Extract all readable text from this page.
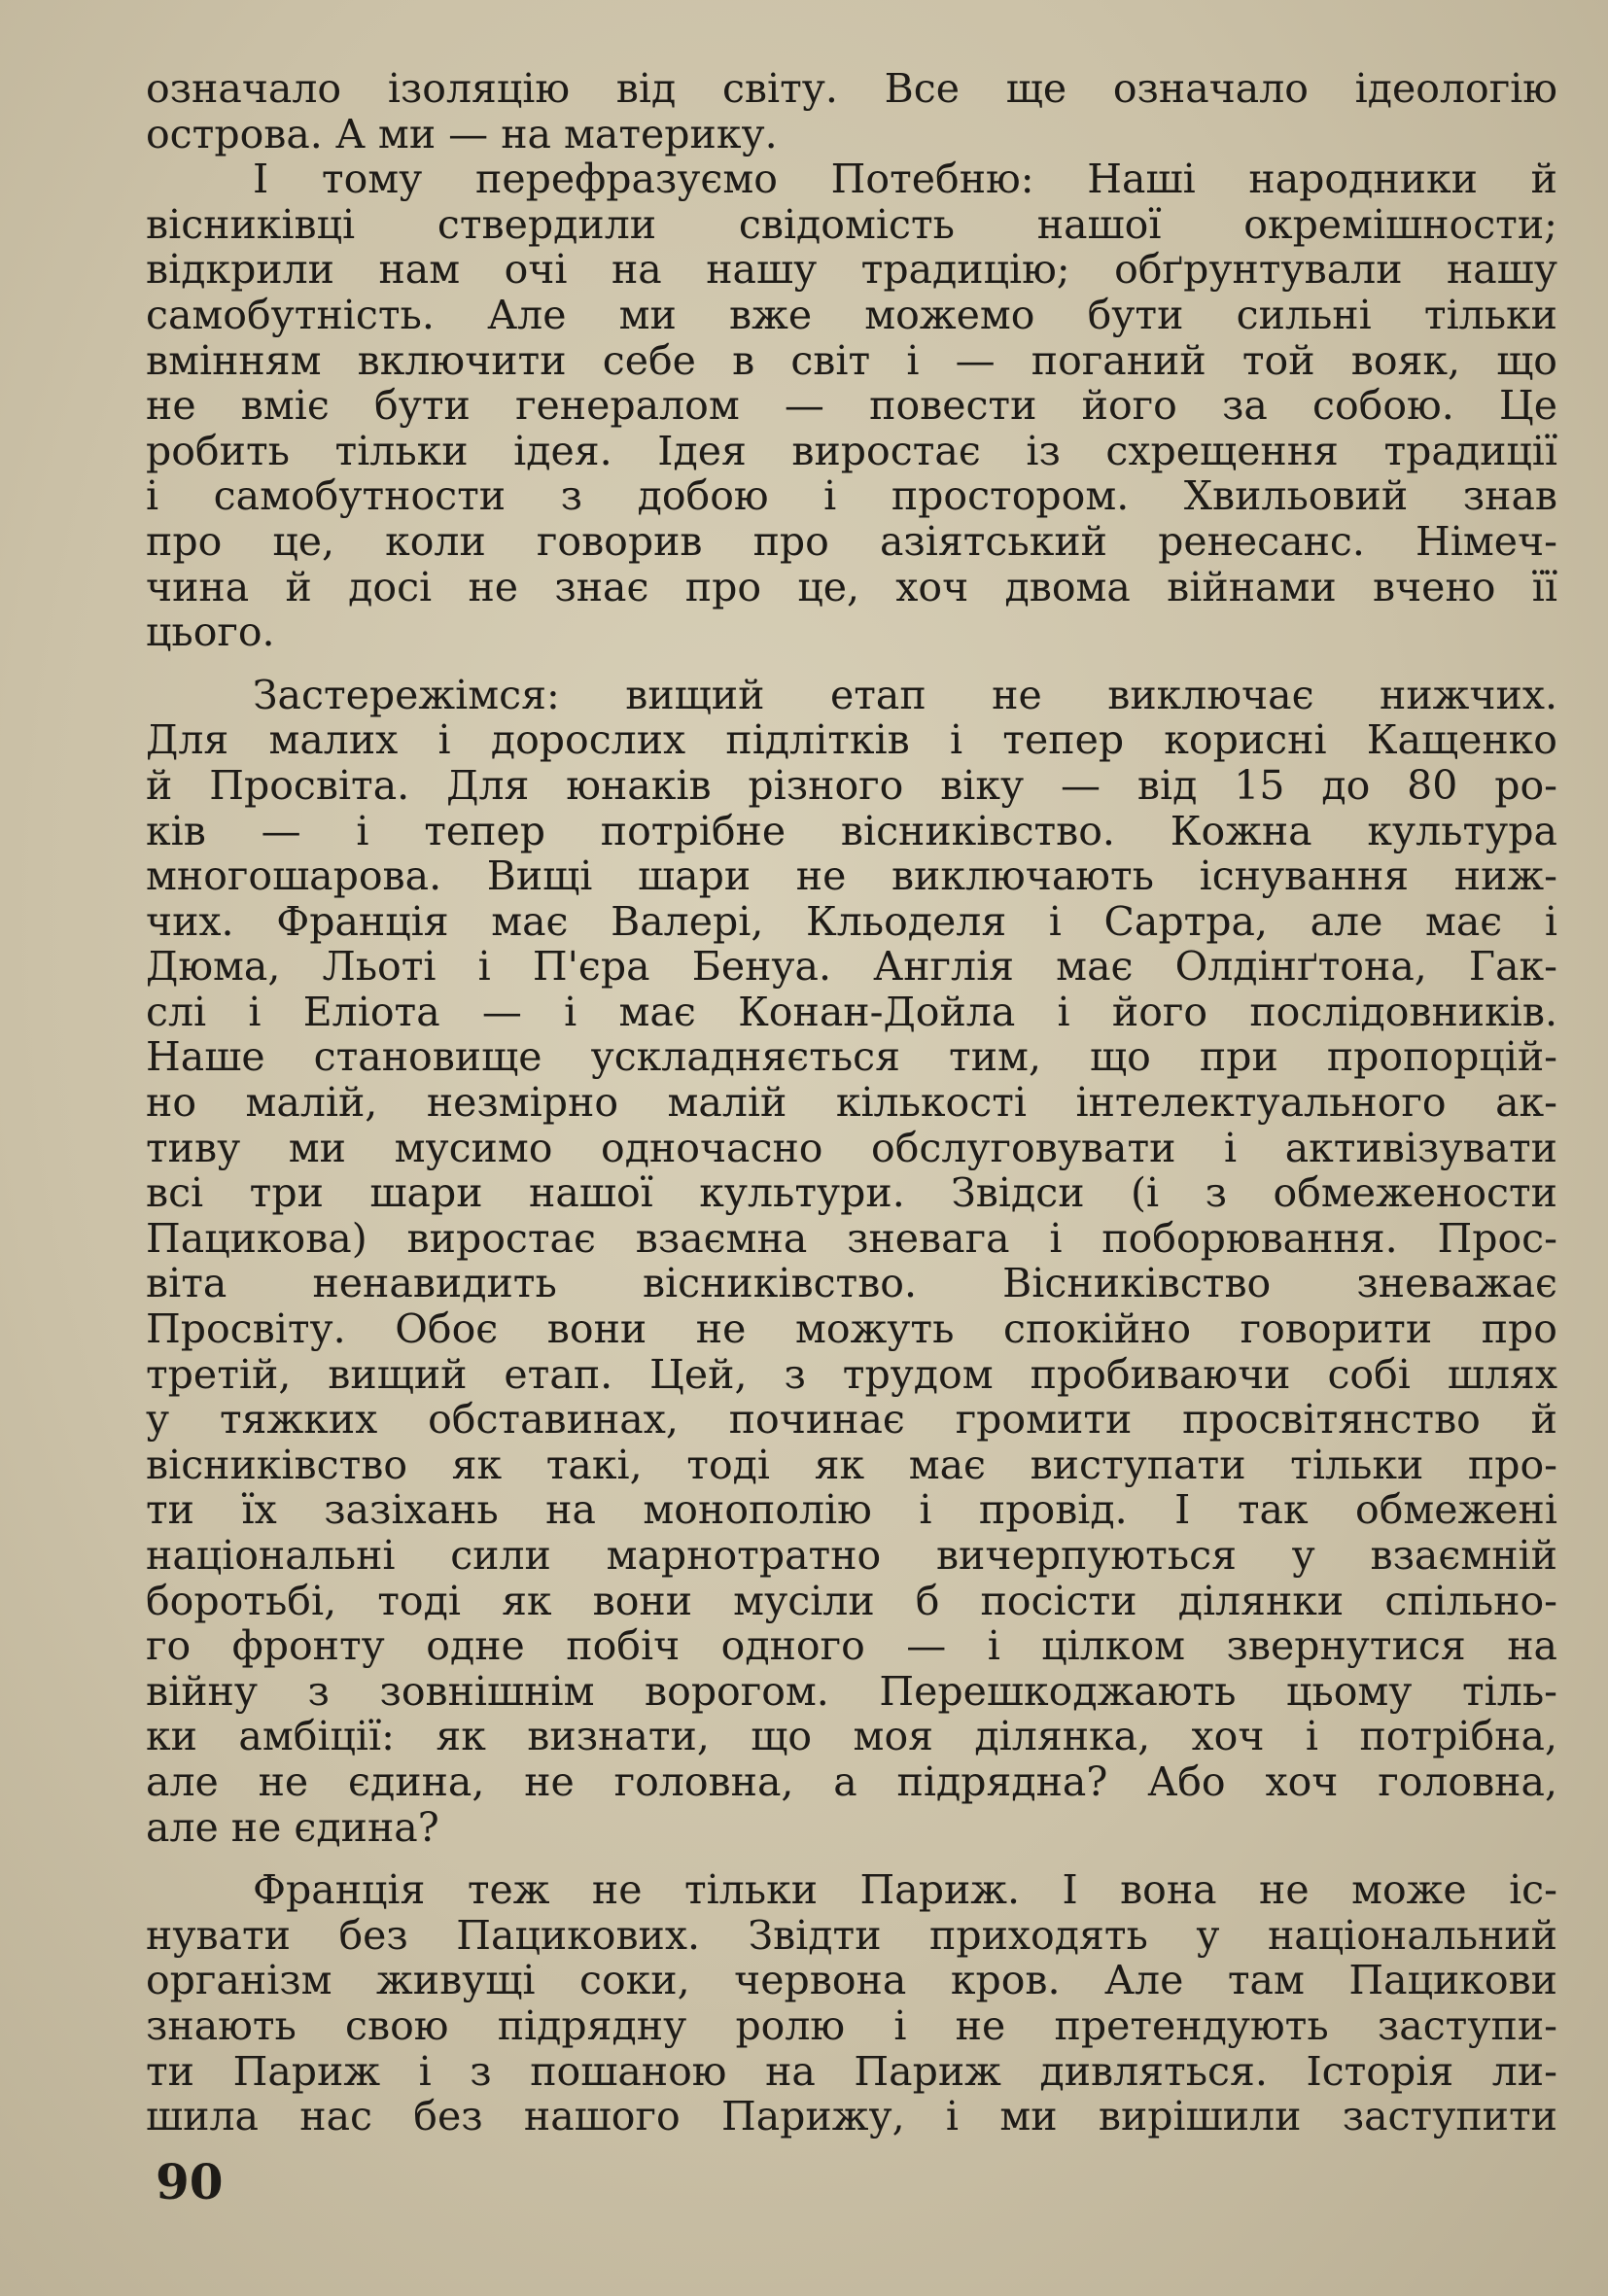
означало ізоляцію від світу. Все ще означало ідеологію
острова. А ми — на материку.

І тому перефразуємо Потебню: Наші народники й
вісниківці ствердили свідомість нашої окремішности;
відкрили нам очі на нашу традицію; обґрунтували нашу
самобутність. Але ми вже можемо бути сильні тільки
вмінням включити себе в світ і — поганий той вояк, що
не вміє бути генералом — повести його за собою. Це
робить тільки ідея. Ідея виростає із схрещення традиції
і самобутности з добою і простором. Хвильовий знав
про це, коли говорив про азіятський ренесанс. Німеч-
чина й досі не знає про це, хоч двома війнами вчено її
цього.

Застережімся: вищий етап не виключає нижчих.
Для малих і дорослих підлітків і тепер корисні Кащенко
й Просвіта. Для юнаків різного віку — від 15 до 80 ро-
ків — і тепер потрібне вісниківство. Кожна культура
многошарова. Вищі шари не виключають існування ниж-
чих. Франція має Валері, Кльоделя і Сартра, але має і
Дюма, Льоті і П'єра Бенуа. Англія має Олдінґтона, Гак-
слі і Еліота — і має Конан-Дойла і його послідовників.
Наше становище ускладняється тим, що при пропорцій-
но малій, незмірно малій кількості інтелектуального ак-
тиву ми мусимо одночасно обслуговувати і активізувати
всі три шари нашої культури. Звідси (і з обмежености
Пацикова) виростає взаємна зневага і поборювання. Прос-
віта ненавидить вісниківство. Вісниківство зневажає
Просвіту. Обоє вони не можуть спокійно говорити про
третій, вищий етап. Цей, з трудом пробиваючи собі шлях
у тяжких обставинах, починає громити просвітянство й
вісниківство як такі, тоді як має виступати тільки про-
ти їх зазіхань на монополію і провід. І так обмежені
національні сили марнотратно вичерпуються у взаємній
боротьбі, тоді як вони мусіли б посісти ділянки спільно-
го фронту одне побіч одного — і цілком звернутися на
війну з зовнішнім ворогом. Перешкоджають цьому тіль-
ки амбіції: як визнати, що моя ділянка, хоч і потрібна,
але не єдина, не головна, а підрядна? Або хоч головна,
але не єдина?

Франція теж не тільки Париж. І вона не може іс-
нувати без Пацикових. Звідти приходять у національний
організм живущі соки, червона кров. Але там Пацикови
знають свою підрядну ролю і не претендують заступи-
ти Париж і з пошаною на Париж дивляться. Історія ли-
шила нас без нашого Парижу, і ми вирішили заступити

90
